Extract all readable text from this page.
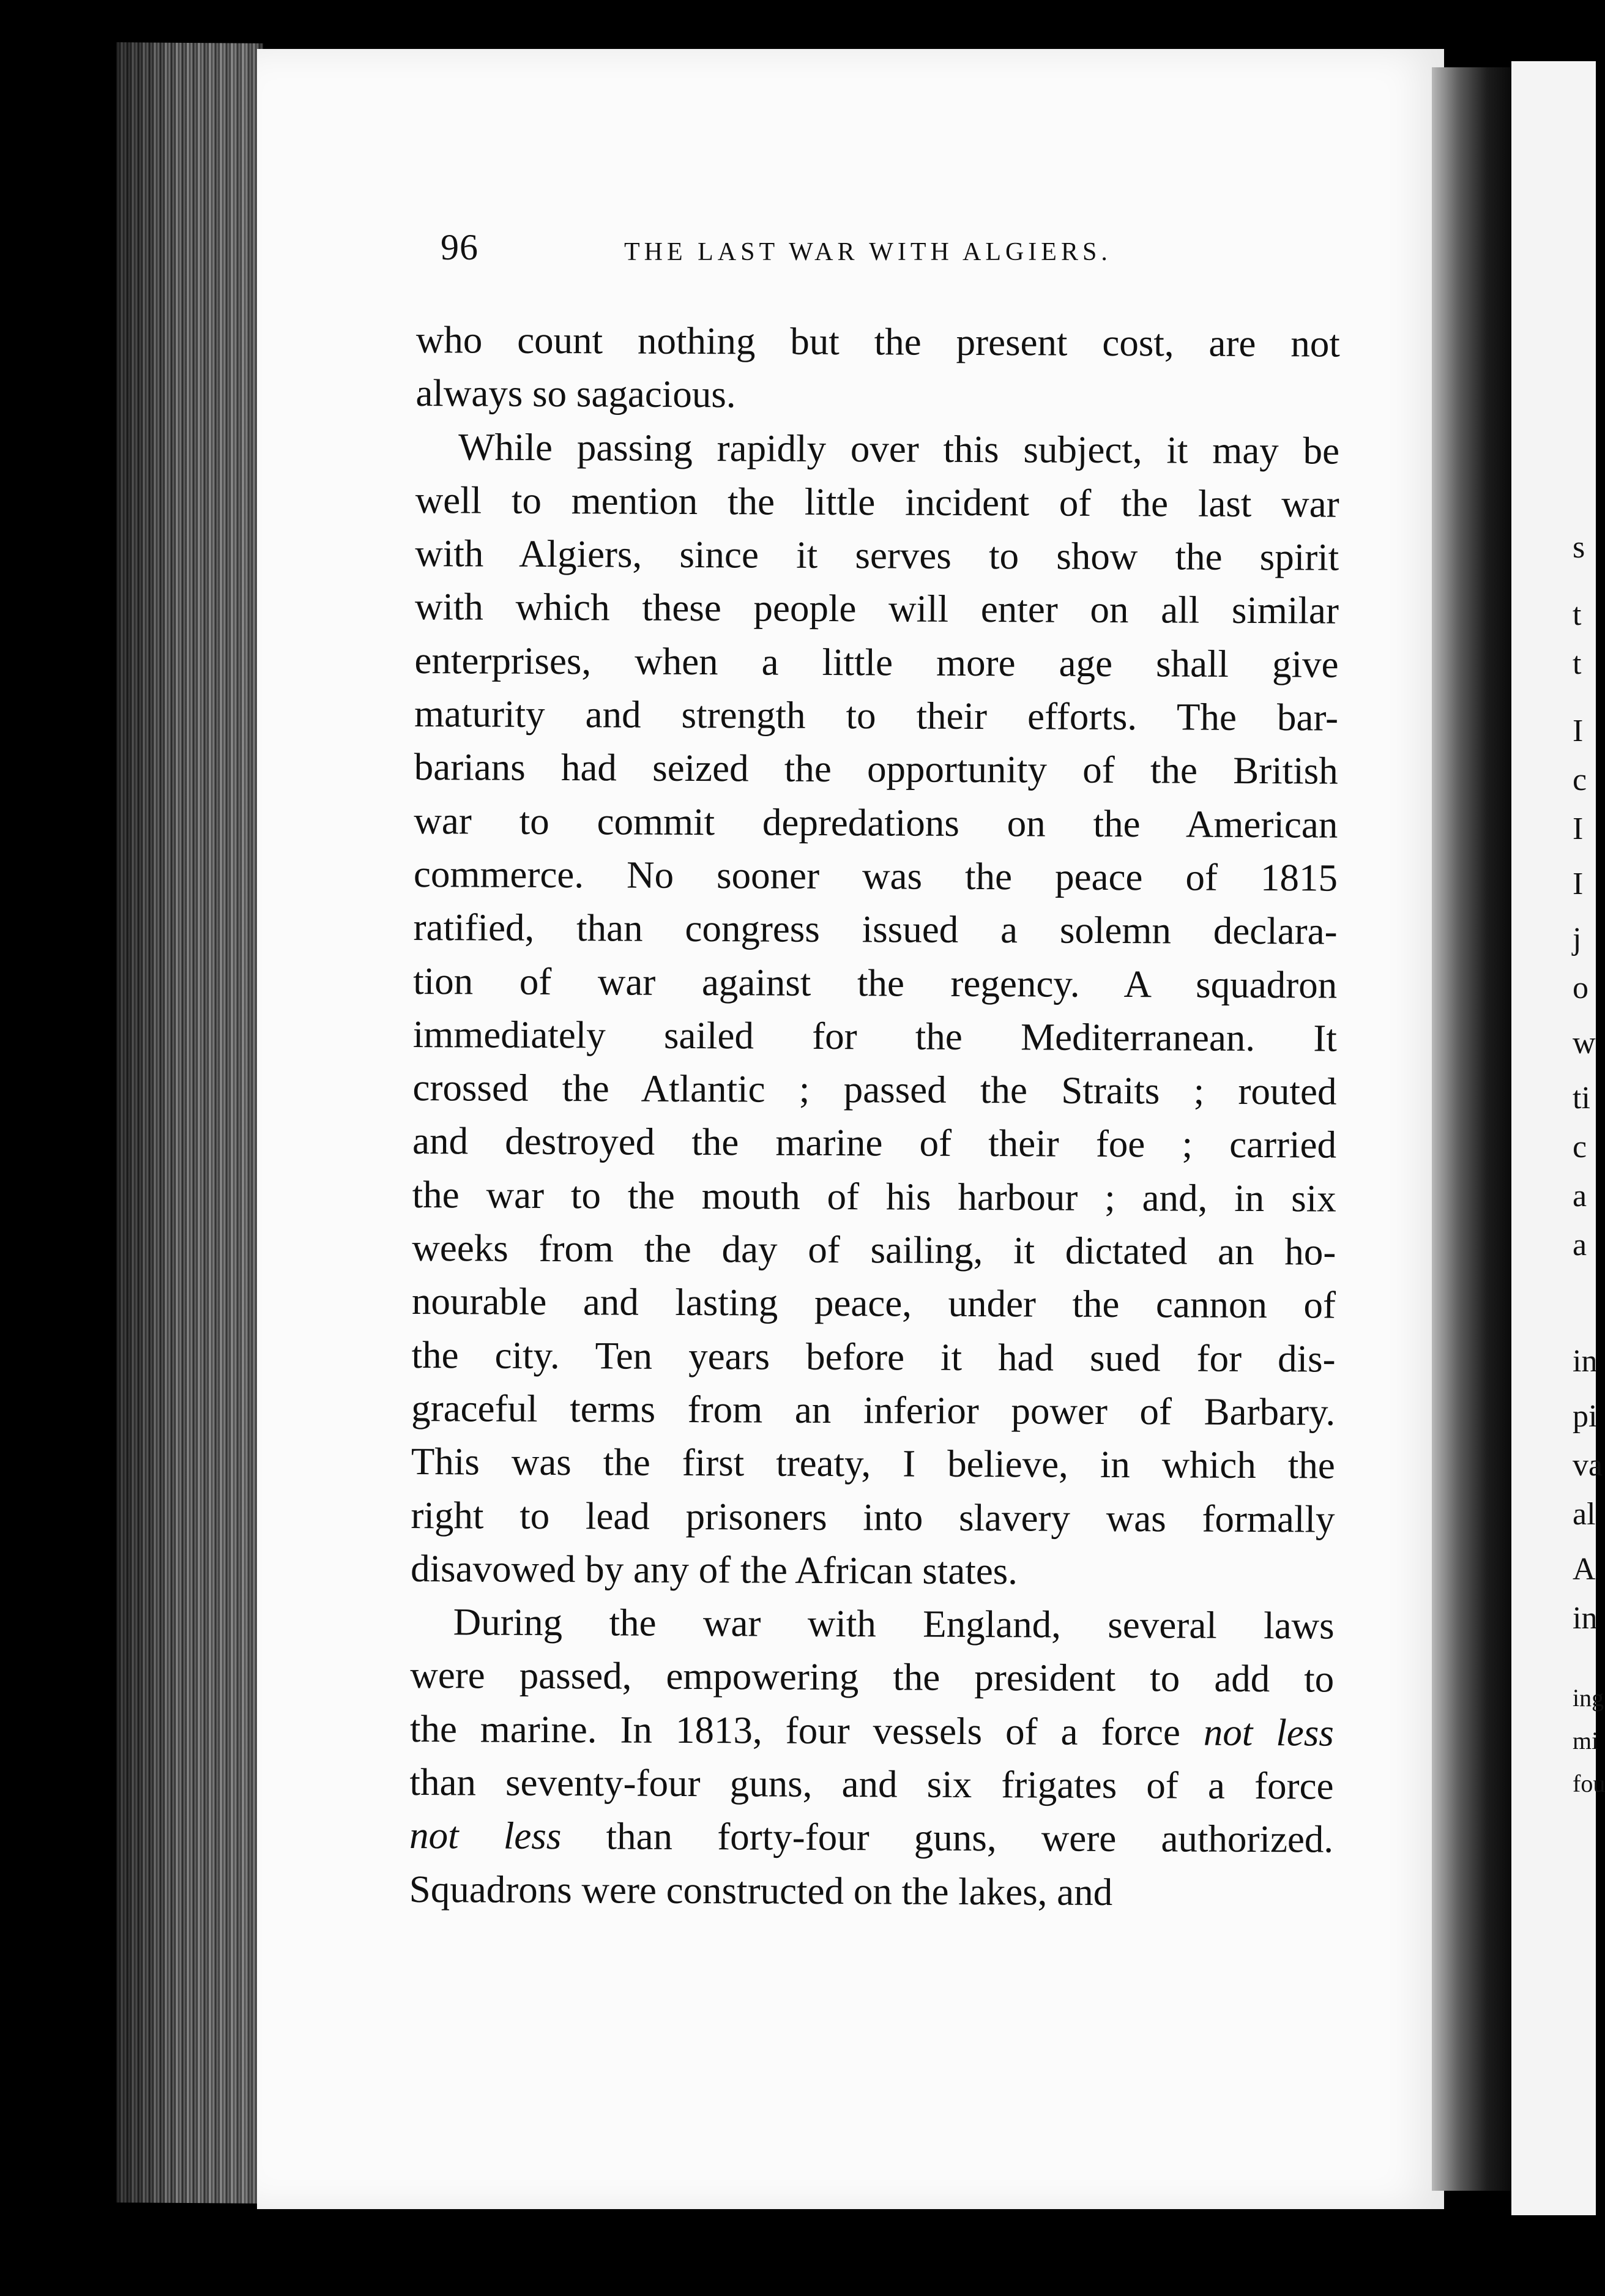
s
t
t
I
c
I
I
j
o
w
ti
c
a
a
in
pi
va
al
A
in
ing
mi
fou
96	THE LAST WAR WITH ALGIERS.

who count nothing but the present cost, are not

always so sagacious.

While passing rapidly over this subject, it may be

well to mention the little incident of the last war

with Algiers, since it serves to show the spirit

with which these people will enter on all similar

enterprises, when a little more age shall give

maturity and strength to their efforts. The bar-

barians had seized the opportunity of the British

war to commit depredations on the American

commerce. No sooner was the peace of 1815

ratified, than congress issued a solemn declara-

tion of war against the regency. A squadron

immediately sailed for the Mediterranean. It

crossed the Atlantic ; passed the Straits ; routed

and destroyed the marine of their foe ; carried

the war to the mouth of his harbour ; and, in six

weeks from the day of sailing, it dictated an ho-

nourable and lasting peace, under the cannon of

the city. Ten years before it had sued for dis-

graceful terms from an inferior power of Barbary.

This was the first treaty, I believe, in which the

right to lead prisoners into slavery was formally

disavowed by any of the African states.

During the war with England, several laws

were passed, empowering the president to add to

the marine. In 1813, four vessels of a force not less

than seventy-four guns, and six frigates of a force

not less than forty-four guns, were authorized.

Squadrons were constructed on the lakes, and
